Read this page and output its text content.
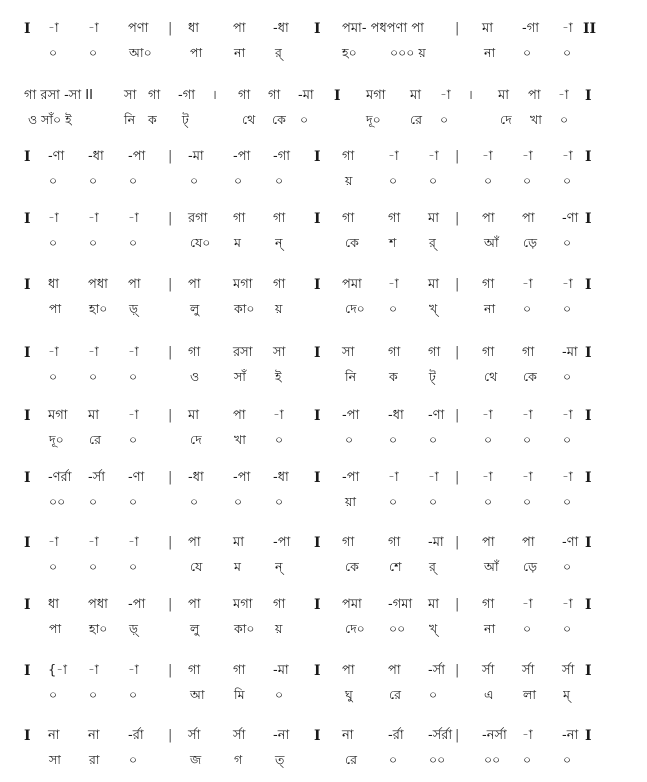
I -া -া পণা | ধা	পা -ধা I পমা- পধপণা পা | মা -গা -া II
০	০	আ০	পা	না র্	হ০	০০০ য়	না ০	০
গা রসা -সা II সা গা -গা । গা গা -মা I মগা মা -া । মা পা -া I
ও সাঁ০ ই	নি ক ট্	থে কে ০	দূ০ রে ০	দে খা ০
I -ণা -ধা -পা | -মা -পা -গা I গা	-া -া | -া -া -া I
০	০	০	০	০	০	য়	০	০	০ ০	০
I -া -া -া | রগা গা গা I গা	গা মা | পা পা -ণা I
০	০	০	যে০ ম	ন্	কে শ	র্	আঁ ড়ে ০
I ধা পধা পা | পা মগা গা I পমা -া মা | গা -া -া I
পা হা০ ড়্	লু	কা০ য়	দে০ ০	খ্	না ০	০
I -া -া -া | গা	রসা সা I সা	গা গা | গা গা -মা I
০	০	০	ও	সাঁ ই	নি	ক	ট্	থে কে ০
I মগা মা -া | মা	পা -া I -পা -ধা -ণা | -া -া -া I
দূ০ রে ০	দে	খা ০	০	০	০	০ ০	০
I -ণর্রা -র্সা -ণা | -ধা -পা -ধা I -পা -া -া | -া -া -া I
০০ ০	০	০	০	০	য়া	০	০	০ ০	০
I -া -া -া | পা মা -পা I গা	গা -মা | পা পা -ণা I
০	০	০	যে	ম	ন্	কে শে র্	আঁ ড়ে ০
I ধা পধা -পা | পা মগা গা I পমা -গমা মা | গা -া -া I
পা হা০ ড়্	লু	কা০ য়	দে০ ০০ খ্	না ০	০
I {-া -া -া | গা	গা -মা I পা	পা -র্সা | র্সা র্সা র্সা I
০	০	০	আ মি ০	ঘু	রে ০	এ লা ম্
I না না -র্রা | র্সা	র্সা -না I না	-র্রা -র্সর্রা | -নর্সা -া -না I
সা রা ০	জ	গ	ত্	রে	০	০০	০০ ০	০
